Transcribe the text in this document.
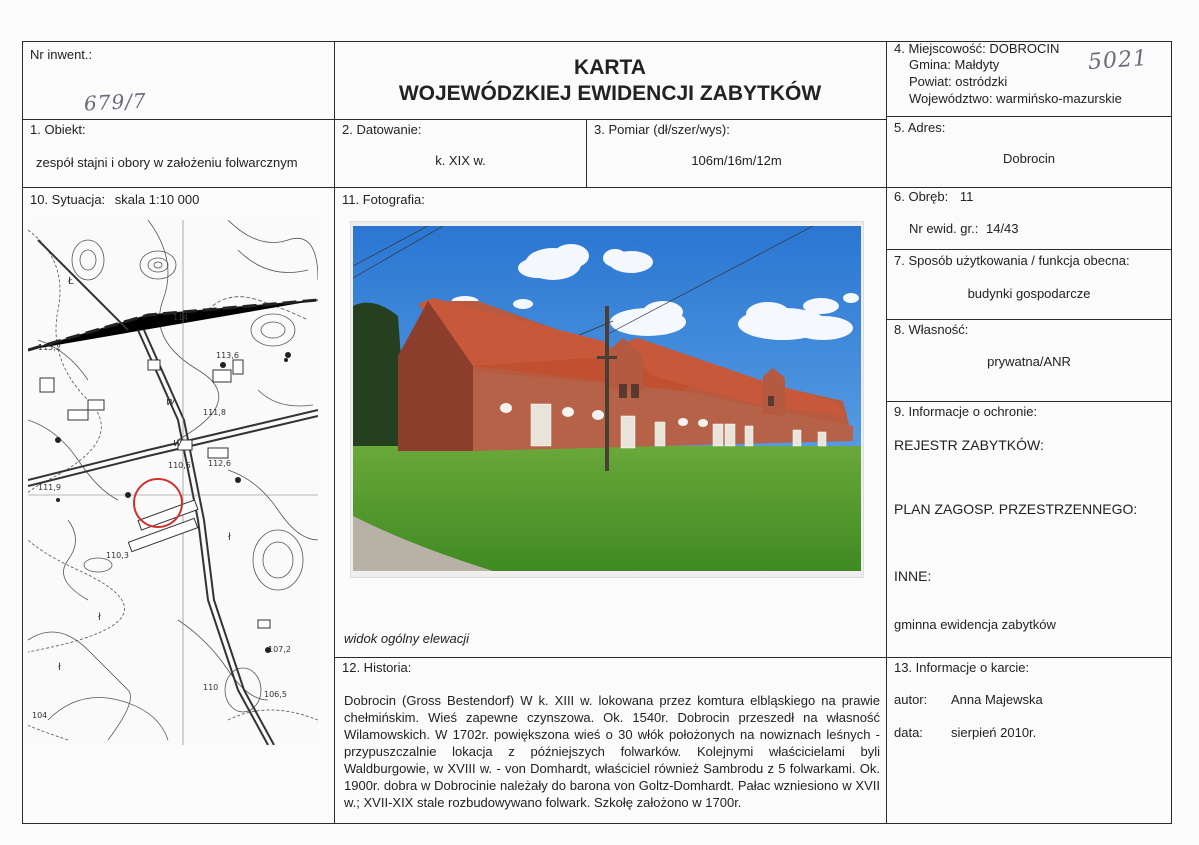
Nr inwent.:
679/7
KARTA
WOJEWÓDZKIEJ EWIDENCJI ZABYTKÓW
4. Miejscowość: DOBROCIN
Gmina: Małdyty
Powiat: ostródzki
Województwo: warmińsko-mazurskie
5021
1. Obiekt:
zespół stajni i obory w założeniu folwarcznym
2. Datowanie:
k. XIX w.
3. Pomiar (dł/szer/wys):
106m/16m/12m
5. Adres:
Dobrocin
10. Sytuacja: skala 1:10 000
114
115,2
113,6
w
w
111,8
110,5 112,6
111,9
110,3
107,2
110
106,5
104
Ł
ł
ł
ł
11. Fotografia:
widok ogólny elewacji
6. Obręb: 11
Nr ewid. gr.: 14/43
7. Sposób użytkowania / funkcja obecna:
budynki gospodarcze
8. Własność:
prywatna/ANR
9. Informacje o ochronie:
REJESTR ZABYTKÓW:
PLAN ZAGOSP. PRZESTRZENNEGO:
INNE:
gminna ewidencja zabytków
12. Historia:
Dobrocin (Gross Bestendorf) W k. XIII w. lokowana przez komtura elbląskiego na prawie chełmińskim. Wieś zapewne czynszowa. Ok. 1540r. Dobrocin przeszedł na własność Wilamowskich. W 1702r. powiększona wieś o 30 włók położonych na nowiznach leśnych - przypuszczalnie lokacja z późniejszych folwarków. Kolejnymi właścicielami byli Waldburgowie, w XVIII w. - von Domhardt, właściciel również Sambrodu z 5 folwarkami. Ok. 1900r. dobra w Dobrocinie należały do barona von Goltz-Domhardt. Pałac wzniesiono w XVII w.; XVII-XIX stale rozbudowywano folwark. Szkołę założono w 1700r.
13. Informacje o karcie:
autor: Anna Majewska
data: sierpień 2010r.
